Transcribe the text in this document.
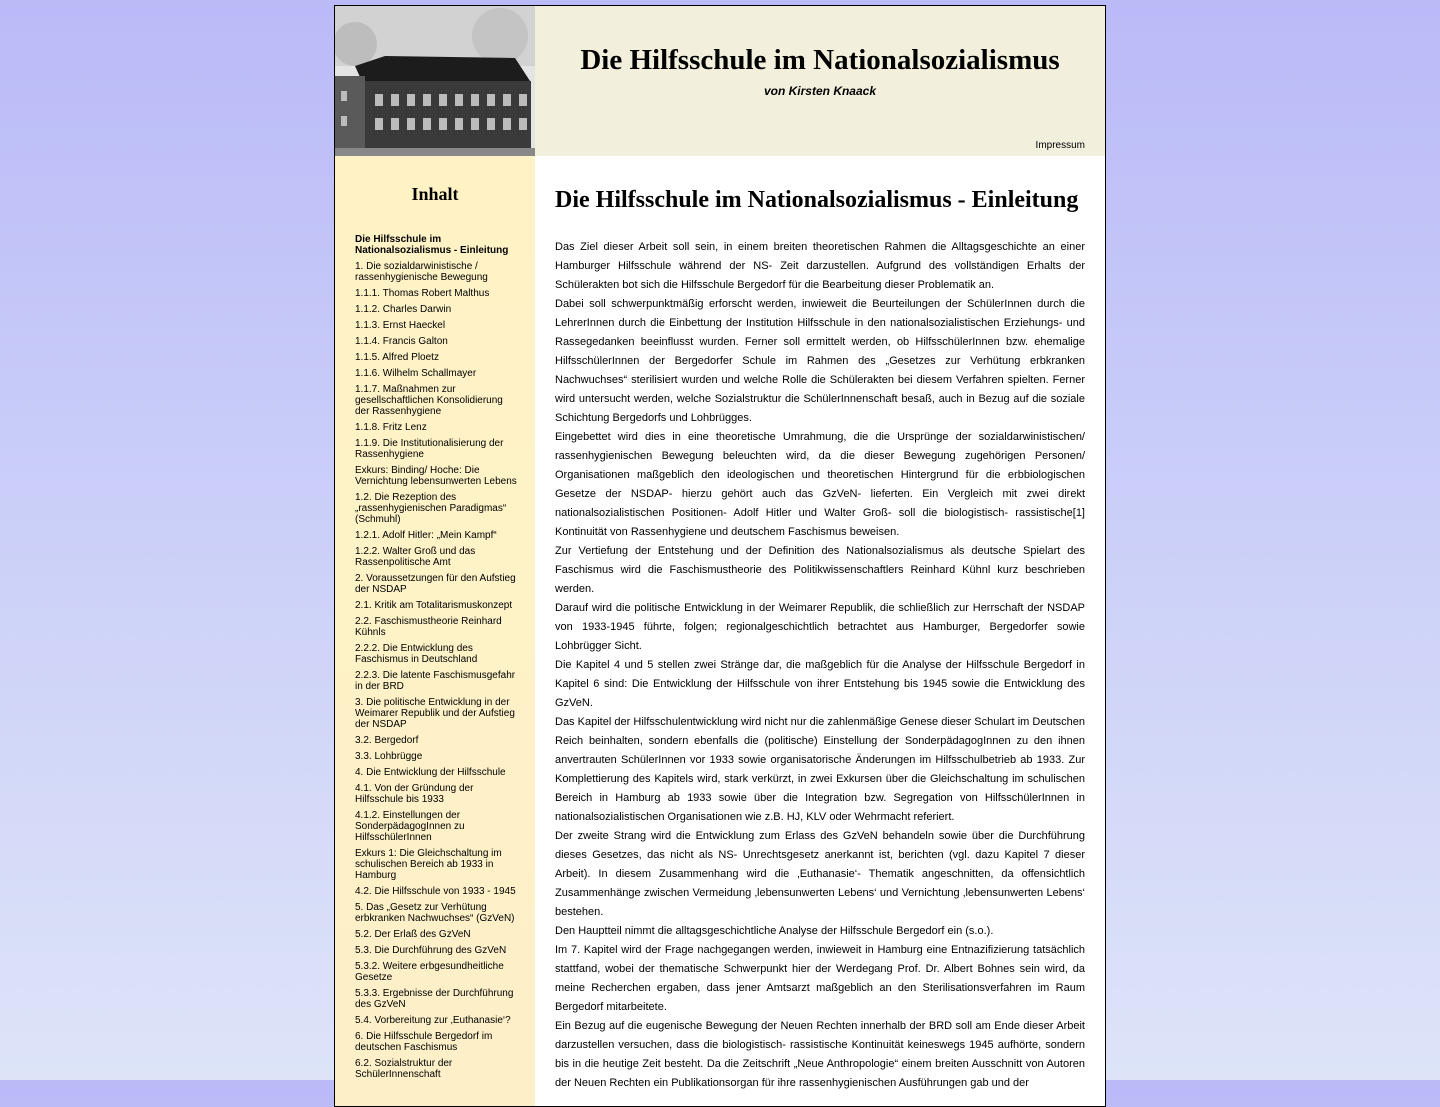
Die Hilfsschule im Nationalsozialismus
von Kirsten Knaack
Impressum
Inhalt
Die Hilfsschule im Nationalsozialismus - Einleitung
1. Die sozialdarwinistische / rassenhygienische Bewegung
1.1.1. Thomas Robert Malthus
1.1.2. Charles Darwin
1.1.3. Ernst Haeckel
1.1.4. Francis Galton
1.1.5. Alfred Ploetz
1.1.6. Wilhelm Schallmayer
1.1.7. Maßnahmen zur gesellschaftlichen Konsolidierung der Rassenhygiene
1.1.8. Fritz Lenz
1.1.9. Die Institutionalisierung der Rassenhygiene
Exkurs: Binding/ Hoche: Die Vernichtung lebensunwerten Lebens
1.2. Die Rezeption des „rassenhygienischen Paradigmas“ (Schmuhl)
1.2.1. Adolf Hitler: „Mein Kampf“
1.2.2. Walter Groß und das Rassenpolitische Amt
2. Voraussetzungen für den Aufstieg der NSDAP
2.1. Kritik am Totalitarismuskonzept
2.2. Faschismustheorie Reinhard Kühnls
2.2.2. Die Entwicklung des Faschismus in Deutschland
2.2.3. Die latente Faschismusgefahr in der BRD
3. Die politische Entwicklung in der Weimarer Republik und der Aufstieg der NSDAP
3.2. Bergedorf
3.3. Lohbrügge
4. Die Entwicklung der Hilfsschule
4.1. Von der Gründung der Hilfsschule bis 1933
4.1.2. Einstellungen der SonderpädagogInnen zu HilfsschülerInnen
Exkurs 1: Die Gleichschaltung im schulischen Bereich ab 1933 in Hamburg
4.2. Die Hilfsschule von 1933 - 1945
5. Das „Gesetz zur Verhütung erbkranken Nachwuchses“ (GzVeN)
5.2. Der Erlaß des GzVeN
5.3. Die Durchführung des GzVeN
5.3.2. Weitere erbgesundheitliche Gesetze
5.3.3. Ergebnisse der Durchführung des GzVeN
5.4. Vorbereitung zur ‚Euthanasie‘?
6. Die Hilfsschule Bergedorf im deutschen Faschismus
6.2. Sozialstruktur der SchülerInnenschaft
Die Hilfsschule im Nationalsozialismus - Einleitung

Das Ziel dieser Arbeit soll sein, in einem breiten theoretischen Rahmen die Alltagsgeschichte an einer Hamburger Hilfsschule während der NS- Zeit darzustellen. Aufgrund des vollständigen Erhalts der Schülerakten bot sich die Hilfsschule Bergedorf für die Bearbeitung dieser Problematik an.

Dabei soll schwerpunktmäßig erforscht werden, inwieweit die Beurteilungen der SchülerInnen durch die LehrerInnen durch die Einbettung der Institution Hilfsschule in den nationalsozialistischen Erziehungs- und Rassegedanken beeinflusst wurden. Ferner soll ermittelt werden, ob HilfsschülerInnen bzw. ehemalige HilfsschülerInnen der Bergedorfer Schule im Rahmen des „Gesetzes zur Verhütung erbkranken Nachwuchses“ sterilisiert wurden und welche Rolle die Schülerakten bei diesem Verfahren spielten. Ferner wird untersucht werden, welche Sozialstruktur die SchülerInnenschaft besaß, auch in Bezug auf die soziale Schichtung Bergedorfs und Lohbrügges.

Eingebettet wird dies in eine theoretische Umrahmung, die die Ursprünge der sozialdarwinistischen/ rassenhygienischen Bewegung beleuchten wird, da die dieser Bewegung zugehörigen Personen/ Organisationen maßgeblich den ideologischen und theoretischen Hintergrund für die erbbiologischen Gesetze der NSDAP- hierzu gehört auch das GzVeN- lieferten. Ein Vergleich mit zwei direkt nationalsozialistischen Positionen- Adolf Hitler und Walter Groß- soll die biologistisch- rassistische[1] Kontinuität von Rassenhygiene und deutschem Faschismus beweisen.

Zur Vertiefung der Entstehung und der Definition des Nationalsozialismus als deutsche Spielart des Faschismus wird die Faschismustheorie des Politikwissenschaftlers Reinhard Kühnl kurz beschrieben werden.

Darauf wird die politische Entwicklung in der Weimarer Republik, die schließlich zur Herrschaft der NSDAP von 1933-1945 führte, folgen; regionalgeschichtlich betrachtet aus Hamburger, Bergedorfer sowie Lohbrügger Sicht.

Die Kapitel 4 und 5 stellen zwei Stränge dar, die maßgeblich für die Analyse der Hilfsschule Bergedorf in Kapitel 6 sind: Die Entwicklung der Hilfsschule von ihrer Entstehung bis 1945 sowie die Entwicklung des GzVeN.

Das Kapitel der Hilfsschulentwicklung wird nicht nur die zahlenmäßige Genese dieser Schulart im Deutschen Reich beinhalten, sondern ebenfalls die (politische) Einstellung der SonderpädagogInnen zu den ihnen anvertrauten SchülerInnen vor 1933 sowie organisatorische Änderungen im Hilfsschulbetrieb ab 1933. Zur Komplettierung des Kapitels wird, stark verkürzt, in zwei Exkursen über die Gleichschaltung im schulischen Bereich in Hamburg ab 1933 sowie über die Integration bzw. Segregation von HilfsschülerInnen in nationalsozialistischen Organisationen wie z.B. HJ, KLV oder Wehrmacht referiert.

Der zweite Strang wird die Entwicklung zum Erlass des GzVeN behandeln sowie über die Durchführung dieses Gesetzes, das nicht als NS- Unrechtsgesetz anerkannt ist, berichten (vgl. dazu Kapitel 7 dieser Arbeit). In diesem Zusammenhang wird die ‚Euthanasie‘- Thematik angeschnitten, da offensichtlich Zusammenhänge zwischen Vermeidung ‚lebensunwerten Lebens‘ und Vernichtung ‚lebensunwerten Lebens‘ bestehen.

Den Hauptteil nimmt die alltagsgeschichtliche Analyse der Hilfsschule Bergedorf ein (s.o.).

Im 7. Kapitel wird der Frage nachgegangen werden, inwieweit in Hamburg eine Entnazifizierung tatsächlich stattfand, wobei der thematische Schwerpunkt hier der Werdegang Prof. Dr. Albert Bohnes sein wird, da meine Recherchen ergaben, dass jener Amtsarzt maßgeblich an den Sterilisationsverfahren im Raum Bergedorf mitarbeitete.

Ein Bezug auf die eugenische Bewegung der Neuen Rechten innerhalb der BRD soll am Ende dieser Arbeit darzustellen versuchen, dass die biologistisch- rassistische Kontinuität keineswegs 1945 aufhörte, sondern bis in die heutige Zeit besteht. Da die Zeitschrift „Neue Anthropologie“ einem breiten Ausschnitt von Autoren der Neuen Rechten ein Publikationsorgan für ihre rassenhygienischen Ausführungen gab und der
